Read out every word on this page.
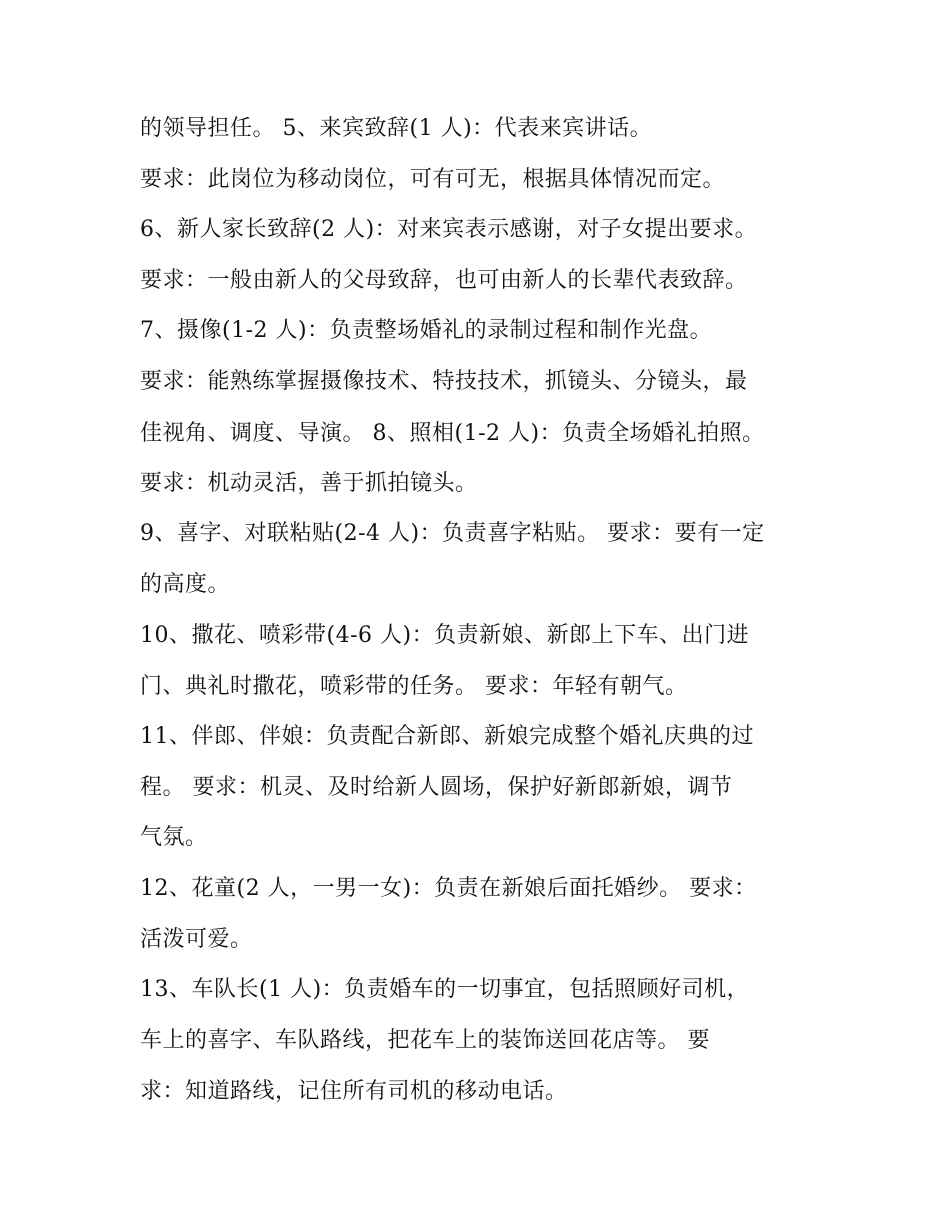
的领导担任。 5、来宾致辞(1 人)：代表来宾讲话。
要求：此岗位为移动岗位，可有可无，根据具体情况而定。
6、新人家长致辞(2 人)：对来宾表示感谢，对子女提出要求。
要求：一般由新人的父母致辞，也可由新人的长辈代表致辞。
7、摄像(1-2 人)：负责整场婚礼的录制过程和制作光盘。
要求：能熟练掌握摄像技术、特技技术，抓镜头、分镜头，最
佳视角、调度、导演。 8、照相(1-2 人)：负责全场婚礼拍照。
要求：机动灵活，善于抓拍镜头。
9、喜字、对联粘贴(2-4 人)：负责喜字粘贴。 要求：要有一定
的高度。
10、撒花、喷彩带(4-6 人)：负责新娘、新郎上下车、出门进
门、典礼时撒花，喷彩带的任务。 要求：年轻有朝气。
11、伴郎、伴娘：负责配合新郎、新娘完成整个婚礼庆典的过
程。 要求：机灵、及时给新人圆场，保护好新郎新娘，调节
气氛。
12、花童(2 人，一男一女)：负责在新娘后面托婚纱。 要求：
活泼可爱。
13、车队长(1 人)：负责婚车的一切事宜，包括照顾好司机，
车上的喜字、车队路线，把花车上的装饰送回花店等。 要
求：知道路线，记住所有司机的移动电话。
